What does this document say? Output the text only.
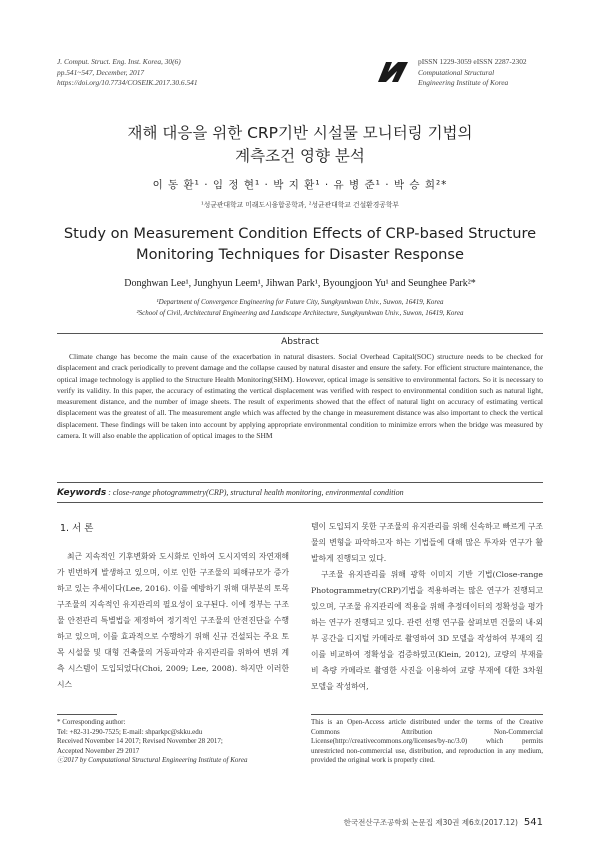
J. Comput. Struct. Eng. Inst. Korea, 30(6)
pp.541~547, December, 2017
https://doi.org/10.7734/COSEIK.2017.30.6.541
pISSN 1229-3059 eISSN 2287-2302
Computational Structural
Engineering Institute of Korea
재해 대응을 위한 CRP기반 시설물 모니터링 기법의
계측조건 영향 분석
이 동 환¹ · 임 정 현¹ · 박 지 환¹ · 유 병 준¹ · 박 승 희²*
¹성균관대학교 미래도시융합공학과, ²성균관대학교 건설환경공학부
Study on Measurement Condition Effects of CRP-based Structure
Monitoring Techniques for Disaster Response
Donghwan Lee¹, Junghyun Leem¹, Jihwan Park¹, Byoungjoon Yu¹ and Seunghee Park²*
¹Department of Convergence Engineering for Future City, Sungkyunkwan Univ., Suwon, 16419, Korea
²School of Civil, Architectural Engineering and Landscape Architecture, Sungkyunkwan Univ., Suwon, 16419, Korea
Abstract
Climate change has become the main cause of the exacerbation in natural disasters. Social Overhead Capital(SOC) structure needs to be checked for displacement and crack periodically to prevent damage and the collapse caused by natural disaster and ensure the safety. For efficient structure maintenance, the optical image technology is applied to the Structure Health Monitoring(SHM). However, optical image is sensitive to environmental factors. So it is necessary to verify its validity. In this paper, the accuracy of estimating the vertical displacement was verified with respect to environmental condition such as natural light, measurement distance, and the number of image sheets. The result of experiments showed that the effect of natural light on accuracy of estimating vertical displacement was the greatest of all. The measurement angle which was affected by the change in measurement distance was also important to check the vertical displacement. These findings will be taken into account by applying appropriate environmental condition to minimize errors when the bridge was measured by camera. It will also enable the application of optical images to the SHM
Keywords : close-range photogrammetry(CRP), structural health monitoring, environmental condition
1. 서 론

최근 지속적인 기후변화와 도시화로 인하여 도시지역의 자연재해가 빈번하게 발생하고 있으며, 이로 인한 구조물의 피해규모가 증가하고 있는 추세이다(Lee, 2016). 이를 예방하기 위해 대부분의 토목 구조물의 지속적인 유지관리의 필요성이 요구된다. 이에 정부는 구조물 안전관리 특별법을 제정하여 정기적인 구조물의 안전진단을 수행하고 있으며, 이를 효과적으로 수행하기 위해 신규 건설되는 주요 토목 시설물 및 대형 건축물의 거동파악과 유지관리를 위하여 변위 계측 시스템이 도입되었다(Choi, 2009; Lee, 2008). 하지만 이러한 시스

템이 도입되지 못한 구조물의 유지관리를 위해 신속하고 빠르게 구조물의 변형을 파악하고자 하는 기법들에 대해 많은 투자와 연구가 활발하게 진행되고 있다.

구조물 유지관리를 위해 광학 이미지 기반 기법(Close-range Photogrammetry(CRP)기법을 적용하려는 많은 연구가 진행되고 있으며, 구조물 유지관리에 적용을 위해 추정데이터의 정확성을 평가하는 연구가 진행되고 있다. 관련 선행 연구를 살펴보면 건물의 내·외부 공간을 디지털 카메라로 촬영하여 3D 모델을 작성하여 부재의 길이를 비교하여 정확성을 검증하였고(Klein, 2012), 교량의 부재를 비 측량 카메라로 촬영한 사진을 이용하여 교량 부재에 대한 3차원 모델을 작성하여,

* Corresponding author:
Tel: +82-31-290-7525; E-mail: shparkpc@skku.edu
Received November 14 2017; Revised November 28 2017;
Accepted November 29 2017
ⓒ2017 by Computational Structural Engineering Institute of Korea
This is an Open-Access article distributed under the terms of the Creative Commons Attribution Non-Commercial License(http://creativecommons.org/licenses/by-nc/3.0) which permits unrestricted non-commercial use, distribution, and reproduction in any medium, provided the original work is properly cited.
한국전산구조공학회 논문집 제30권 제6호(2017.12) 541
